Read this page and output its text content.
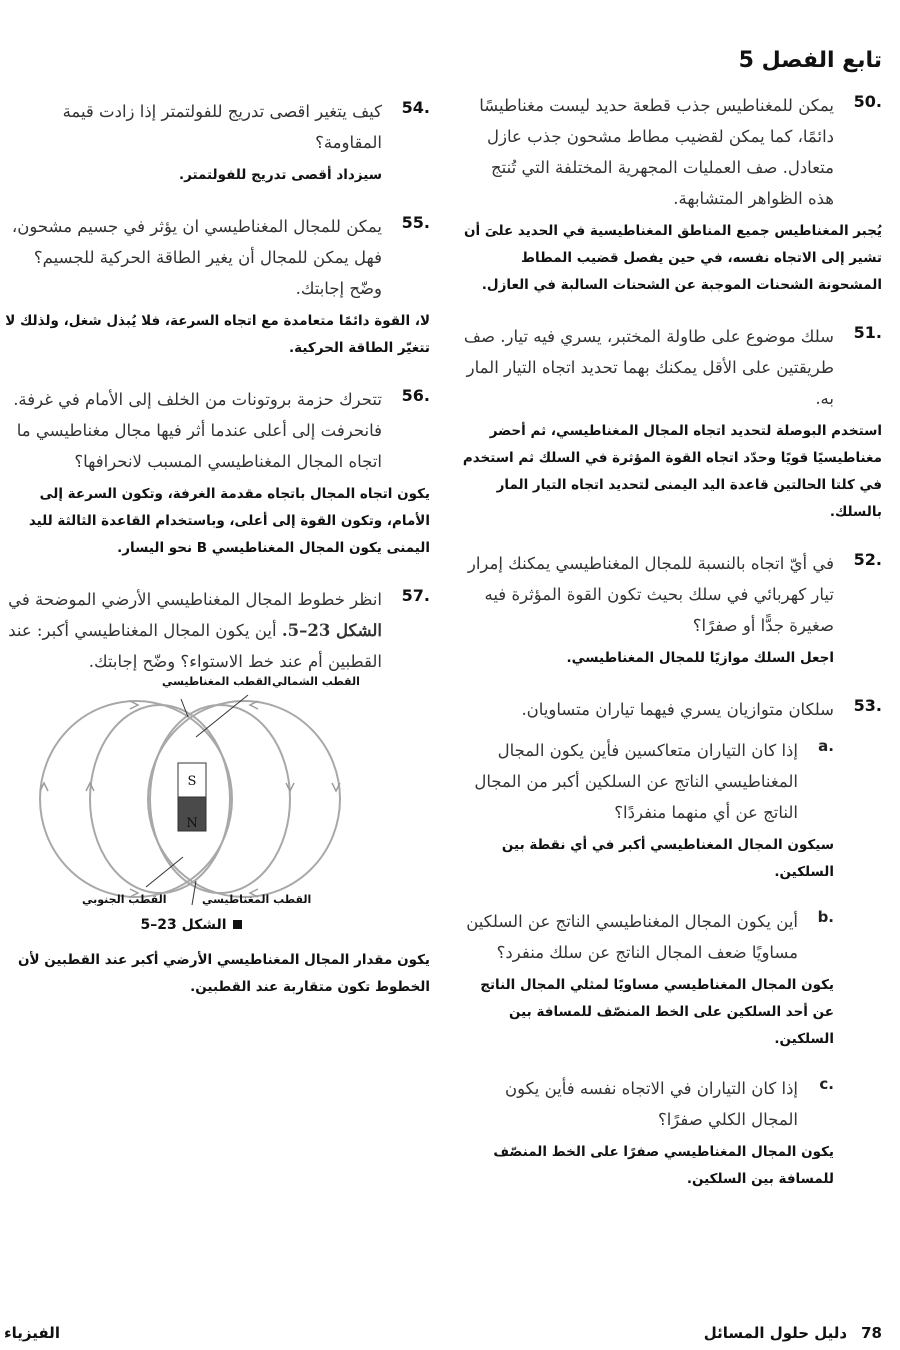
تابع الفصل 5
50.
يمكن للمغناطيس جذب قطعة حديد ليست مغناطيسًا دائمًا، كما يمكن لقضيب مطاط مشحون جذب عازل متعادل. صف العمليات المجهرية المختلفة التي تُنتج هذه الظواهر المتشابهة.
يُجبر المغناطيس جميع المناطق المغناطيسية في الحديد علىَ أن تشير إلى الاتجاه نفسه، في حين يفصل قضيب المطاط المشحونة الشحنات الموجبة عن الشحنات السالبة في العازل.
51.
سلك موضوع على طاولة المختبر، يسري فيه تيار. صف طريقتين على الأقل يمكنك بهما تحديد اتجاه التيار المار به.
استخدم البوصلة لتحديد اتجاه المجال المغناطيسي، ثم أحضر مغناطيسيًا قويًا وحدّد اتجاه القوة المؤثرة في السلك ثم استخدم في كلتا الحالتين قاعدة اليد اليمنى لتحديد اتجاه التيار المار بالسلك.
52.
في أيّ اتجاه بالنسبة للمجال المغناطيسي يمكنك إمرار تيار كهربائي في سلك بحيث تكون القوة المؤثرة فيه صغيرة جدًّا أو صفرًا؟
اجعل السلك موازيًا للمجال المغناطيسي.
53.
سلكان متوازيان يسري فيهما تياران متساويان.
a.
إذا كان التياران متعاكسين فأين يكون المجال المغناطيسي الناتج عن السلكين أكبر من المجال الناتج عن أي منهما منفردًا؟
سيكون المجال المغناطيسي أكبر في أي نقطة بين السلكين.
b.
أين يكون المجال المغناطيسي الناتج عن السلكين مساويًا ضعف المجال الناتج عن سلك منفرد؟
يكون المجال المغناطيسي مساويًا لمثلي المجال الناتج عن أحد السلكين على الخط المنصّف للمسافة بين السلكين.
c.
إذا كان التياران في الاتجاه نفسه فأين يكون المجال الكلي صفرًا؟
يكون المجال المغناطيسي صفرًا على الخط المنصّف للمسافة بين السلكين.
54.
كيف يتغير اقصى تدريج للفولتمتر إذا زادت قيمة المقاومة؟
سيزداد أقصى تدريج للفولتمتر.
55.
يمكن للمجال المغناطيسي ان يؤثر في جسيم مشحون، فهل يمكن للمجال أن يغير الطاقة الحركية للجسيم؟ وضّح إجابتك.
لا، القوة دائمًا متعامدة مع اتجاه السرعة، فلا يُبذل شغل، ولذلك لا تتغيّر الطاقة الحركية.
56.
تتحرك حزمة بروتونات من الخلف إلى الأمام في غرفة. فانحرفت إلى أعلى عندما أثر فيها مجال مغناطيسي ما اتجاه المجال المغناطيسي المسبب لانحرافها؟
يكون اتجاه المجال باتجاه مقدمة الغرفة، وتكون السرعة إلى الأمام، وتكون القوة إلى أعلى، وباستخدام القاعدة الثالثة لليد اليمنى يكون المجال المغناطيسي B نحو اليسار.
57.
انظر خطوط المجال المغناطيسي الأرضي الموضحة في الشكل 23–5. أين يكون المجال المغناطيسي أكبر: عند القطبين أم عند خط الاستواء؟ وضّح إجابتك.
S
N
القطب المغناطيسي القطب الشمالي
القطب الجنوبي	القطب المغناطيسي
الشكل 23–5
يكون مقدار المجال المغناطيسي الأرضي أكبر عند القطبين لأن الخطوط تكون متقاربة عند القطبين.
78دليل حلول المسائل
الفيزياء
